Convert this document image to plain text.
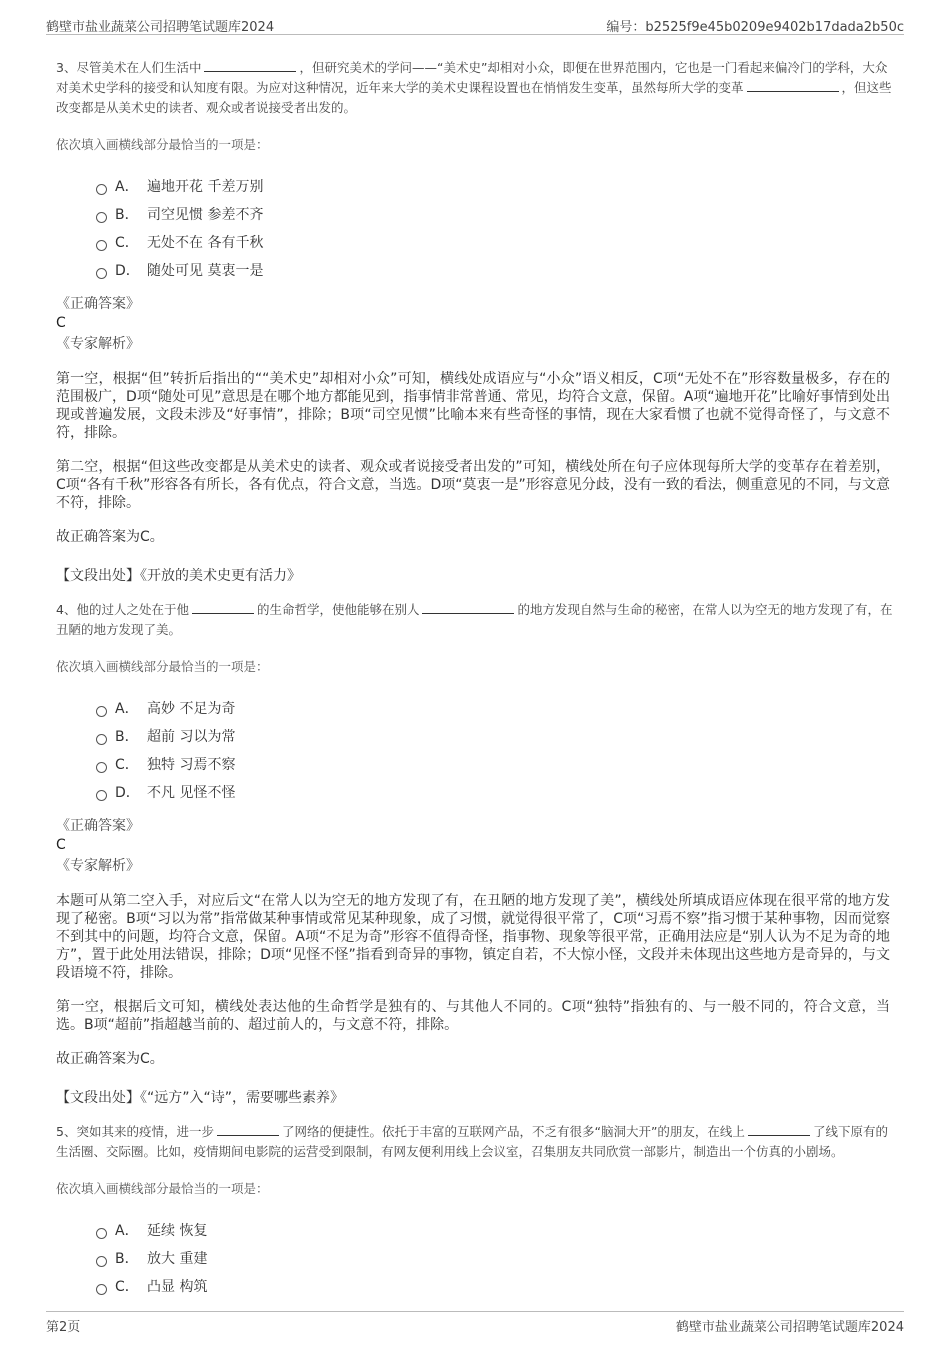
鹤壁市盐业蔬菜公司招聘笔试题库2024	编号：b2525f9e45b0209e9402b17dada2b50c

3、尽管美术在人们生活中	，但研究美术的学问——“美术史”却相对小众，即便在世界范围内，它也是一门看起来偏冷门的学科，大众对美术史学科的接受和认知度有限。为应对这种情况，近年来大学的美术史课程设置也在悄悄发生变革，虽然每所大学的变革	，但这些改变都是从美术史的读者、观众或者说接受者出发的。

依次填入画横线部分最恰当的一项是：

A． 遍地开花 千差万别
B． 司空见惯 参差不齐
C． 无处不在 各有千秋
D． 随处可见 莫衷一是

《正确答案》

C

《专家解析》

第一空，根据“但”转折后指出的““美术史”却相对小众”可知，横线处成语应与“小众”语义相反，C项“无处不在”形容数量极多，存在的范围极广，D项“随处可见”意思是在哪个地方都能见到，指事情非常普通、常见，均符合文意，保留。A项“遍地开花”比喻好事情到处出现或普遍发展，文段未涉及“好事情”，排除；B项“司空见惯”比喻本来有些奇怪的事情，现在大家看惯了也就不觉得奇怪了，与文意不符，排除。

第二空，根据“但这些改变都是从美术史的读者、观众或者说接受者出发的”可知，横线处所在句子应体现每所大学的变革存在着差别，C项“各有千秋”形容各有所长，各有优点，符合文意，当选。D项“莫衷一是”形容意见分歧，没有一致的看法，侧重意见的不同，与文意不符，排除。

故正确答案为C。

【文段出处】《开放的美术史更有活力》

4、他的过人之处在于他	的生命哲学，使他能够在别人	的地方发现自然与生命的秘密，在常人以为空无的地方发现了有，在丑陋的地方发现了美。

依次填入画横线部分最恰当的一项是：

A． 高妙 不足为奇
B． 超前 习以为常
C． 独特 习焉不察
D． 不凡 见怪不怪

《正确答案》

C

《专家解析》

本题可从第二空入手，对应后文“在常人以为空无的地方发现了有，在丑陋的地方发现了美”，横线处所填成语应体现在很平常的地方发现了秘密。B项“习以为常”指常做某种事情或常见某种现象，成了习惯，就觉得很平常了，C项“习焉不察”指习惯于某种事物，因而觉察不到其中的问题，均符合文意，保留。A项“不足为奇”形容不值得奇怪，指事物、现象等很平常，正确用法应是“别人认为不足为奇的地方”，置于此处用法错误，排除；D项“见怪不怪”指看到奇异的事物，镇定自若，不大惊小怪，文段并未体现出这些地方是奇异的，与文段语境不符，排除。

第一空，根据后文可知，横线处表达他的生命哲学是独有的、与其他人不同的。C项“独特”指独有的、与一般不同的，符合文意，当选。B项“超前”指超越当前的、超过前人的，与文意不符，排除。

故正确答案为C。

【文段出处】《“远方”入“诗”，需要哪些素养》

5、突如其来的疫情，进一步	了网络的便捷性。依托于丰富的互联网产品，不乏有很多“脑洞大开”的朋友，在线上	了线下原有的生活圈、交际圈。比如，疫情期间电影院的运营受到限制，有网友便利用线上会议室，召集朋友共同欣赏一部影片，制造出一个仿真的小剧场。

依次填入画横线部分最恰当的一项是：

A． 延续 恢复
B． 放大 重建
C． 凸显 构筑
第2页	鹤壁市盐业蔬菜公司招聘笔试题库2024
